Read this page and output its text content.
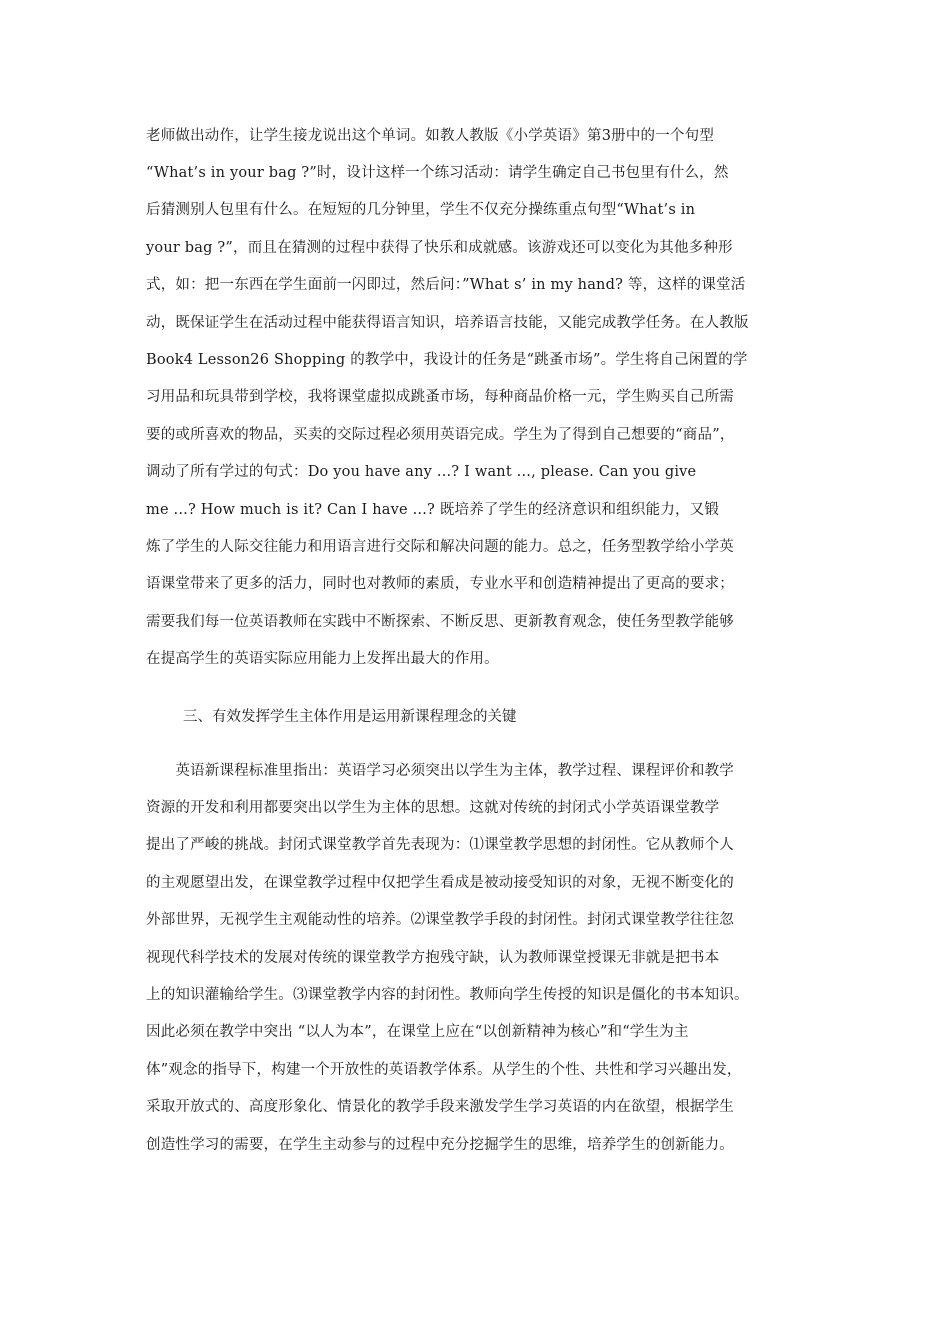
老师做出动作，让学生接龙说出这个单词。如教人教版《小学英语》第3册中的一个句型
“What’s in your bag ?”时，设计这样一个练习活动：请学生确定自己书包里有什么，然
后猜测别人包里有什么。在短短的几分钟里，学生不仅充分操练重点句型“What’s in
your bag ?”，而且在猜测的过程中获得了快乐和成就感。该游戏还可以变化为其他多种形
式，如：把一东西在学生面前一闪即过，然后问：”What s’ in my hand? 等，这样的课堂活
动，既保证学生在活动过程中能获得语言知识，培养语言技能，又能完成教学任务。在人教版
Book4 Lesson26 Shopping 的教学中，我设计的任务是“跳蚤市场”。学生将自己闲置的学
习用品和玩具带到学校，我将课堂虚拟成跳蚤市场，每种商品价格一元，学生购买自己所需
要的或所喜欢的物品，买卖的交际过程必须用英语完成。学生为了得到自己想要的“商品”，
调动了所有学过的句式：Do you have any ...? I want ..., please. Can you give
me ...? How much is it? Can I have ...? 既培养了学生的经济意识和组织能力，又锻
炼了学生的人际交往能力和用语言进行交际和解决问题的能力。总之，任务型教学给小学英
语课堂带来了更多的活力，同时也对教师的素质，专业水平和创造精神提出了更高的要求；
需要我们每一位英语教师在实践中不断探索、不断反思、更新教育观念，使任务型教学能够
在提高学生的英语实际应用能力上发挥出最大的作用。
三、有效发挥学生主体作用是运用新课程理念的关键
　　英语新课程标准里指出：英语学习必须突出以学生为主体，教学过程、课程评价和教学
资源的开发和利用都要突出以学生为主体的思想。这就对传统的封闭式小学英语课堂教学
提出了严峻的挑战。封闭式课堂教学首先表现为：⑴课堂教学思想的封闭性。它从教师个人
的主观愿望出发，在课堂教学过程中仅把学生看成是被动接受知识的对象，无视不断变化的
外部世界，无视学生主观能动性的培养。⑵课堂教学手段的封闭性。封闭式课堂教学往往忽
视现代科学技术的发展对传统的课堂教学方抱残守缺，认为教师课堂授课无非就是把书本
上的知识灌输给学生。⑶课堂教学内容的封闭性。教师向学生传授的知识是僵化的书本知识。
因此必须在教学中突出 “以人为本”，在课堂上应在“以创新精神为核心”和“学生为主
体”观念的指导下，构建一个开放性的英语教学体系。从学生的个性、共性和学习兴趣出发，
采取开放式的、高度形象化、情景化的教学手段来激发学生学习英语的内在欲望，根据学生
创造性学习的需要，在学生主动参与的过程中充分挖掘学生的思维，培养学生的创新能力。
